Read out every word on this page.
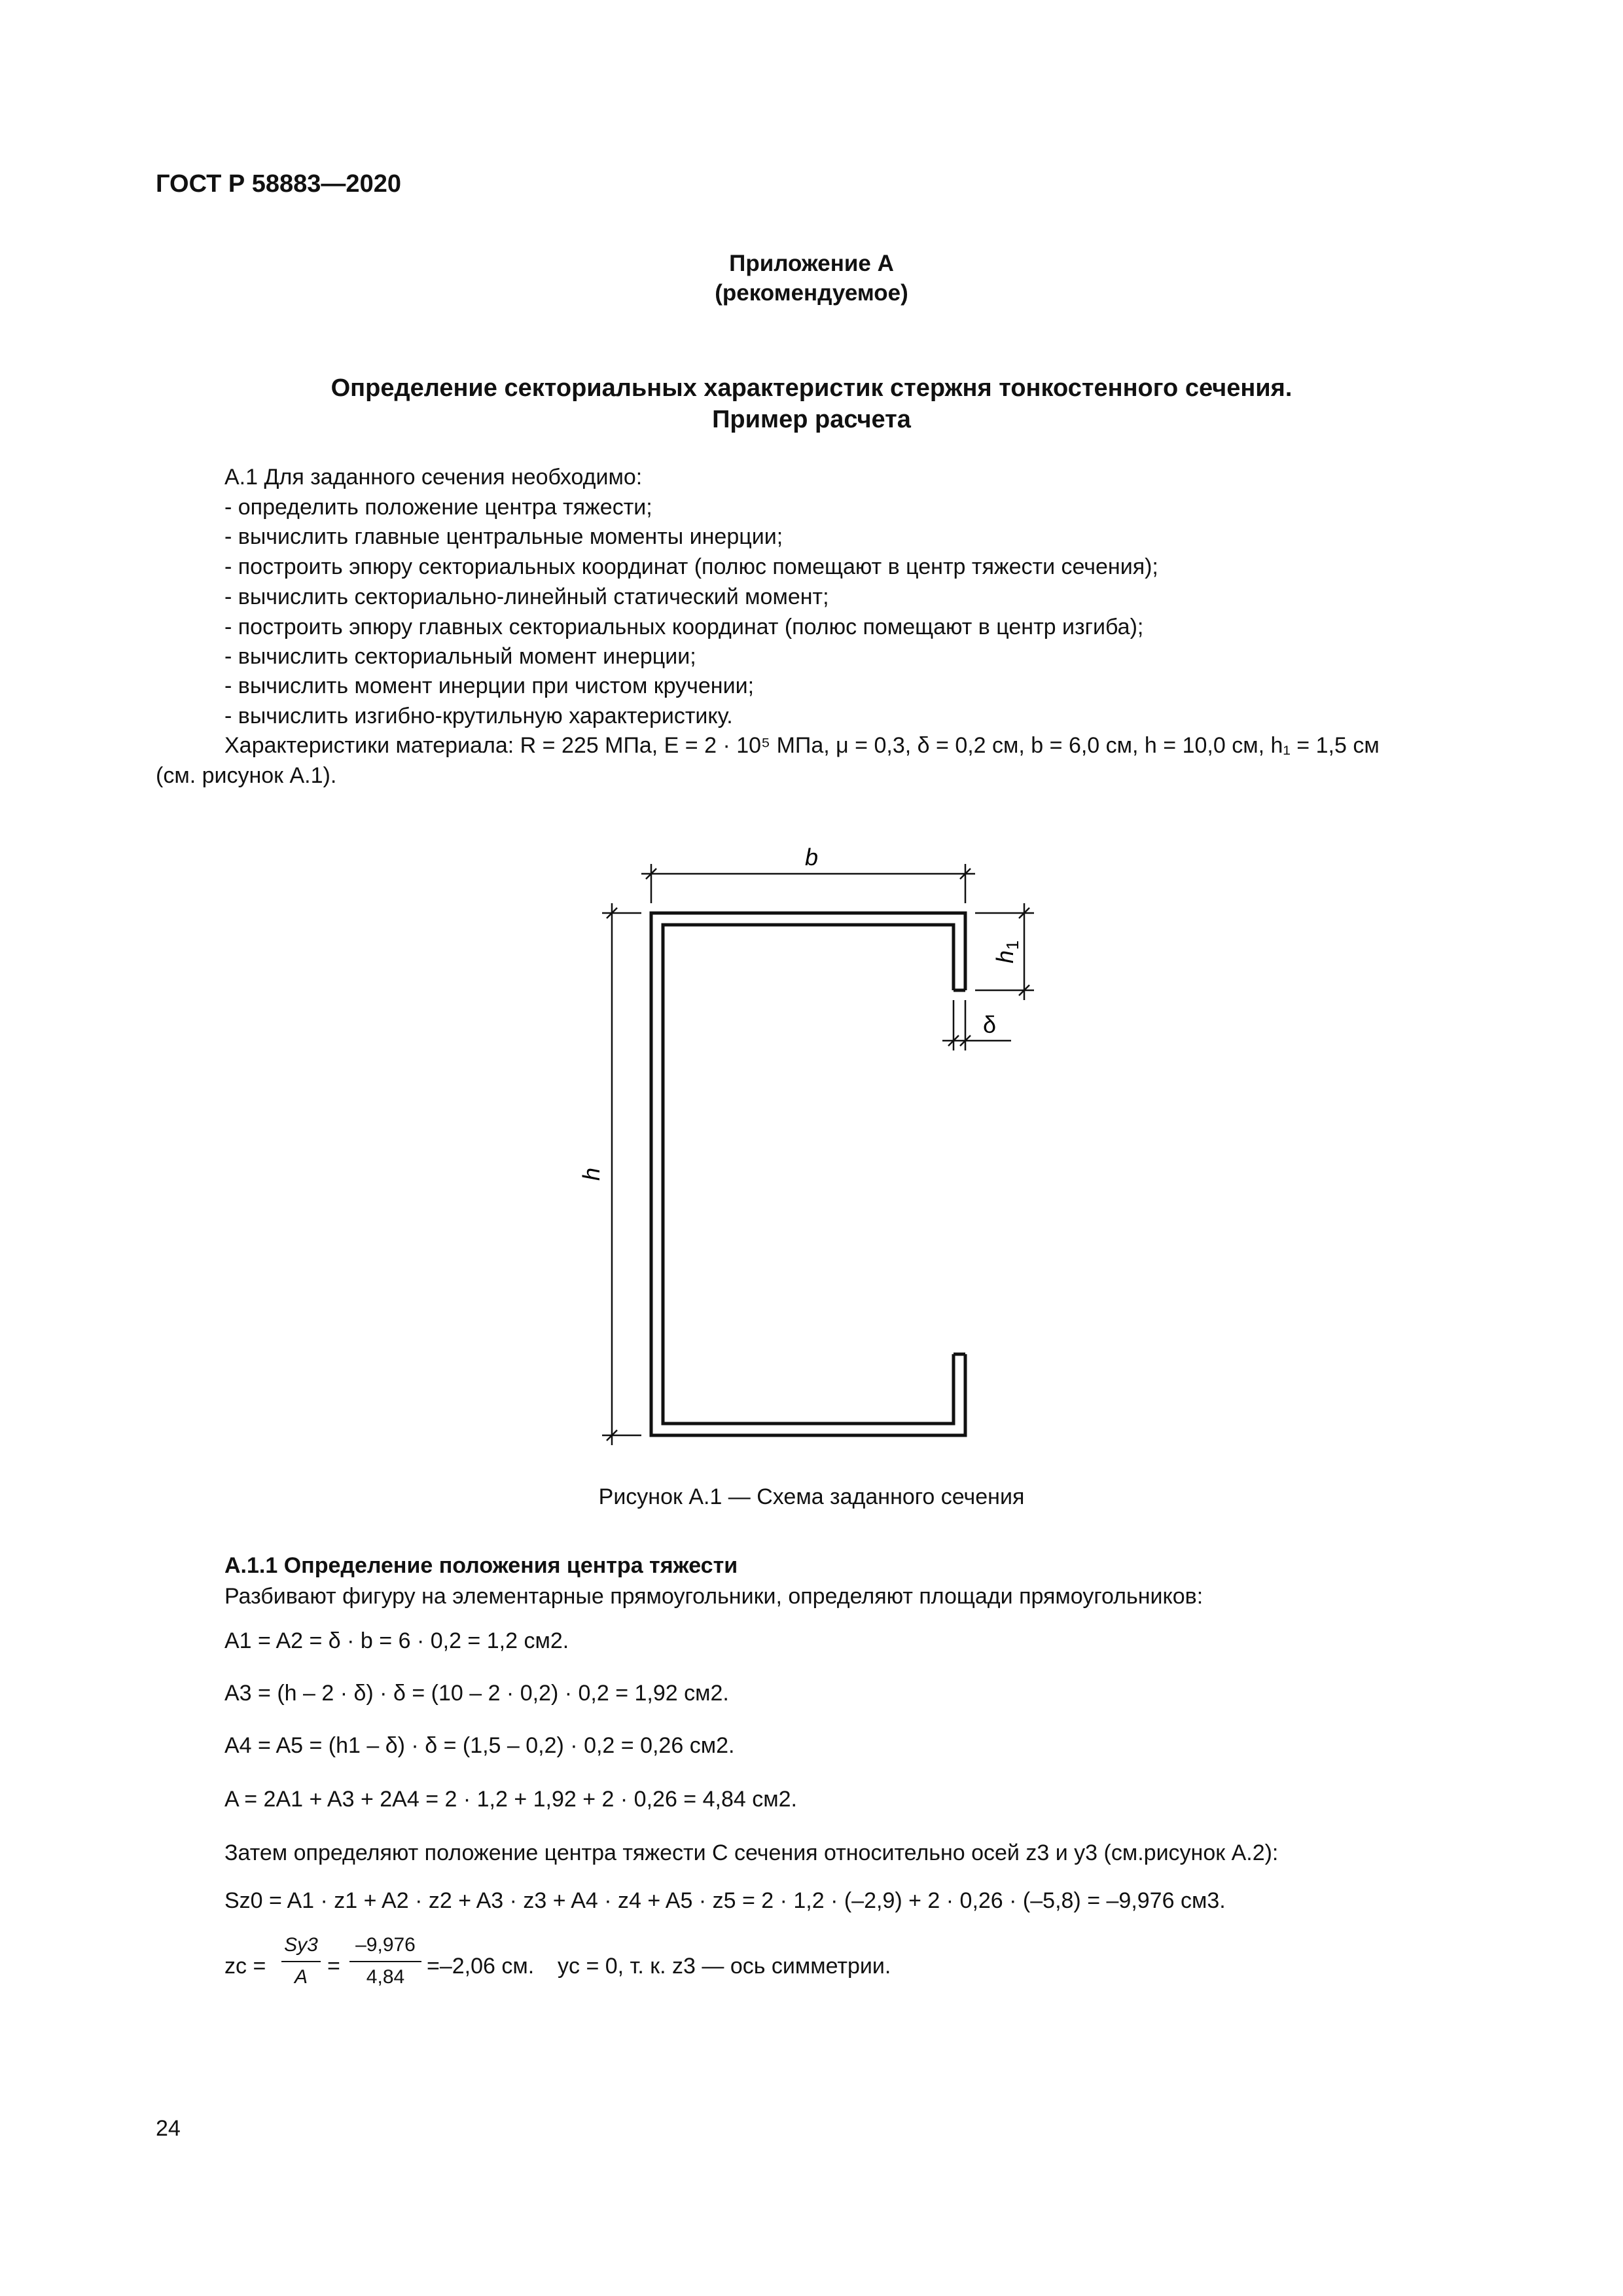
ГОСТ Р 58883—2020
Приложение А
(рекомендуемое)
Определение секториальных характеристик стержня тонкостенного сечения.
Пример расчета
А.1 Для заданного сечения необходимо:
- определить положение центра тяжести;
- вычислить главные центральные моменты инерции;
- построить эпюру секториальных координат (полюс помещают в центр тяжести сечения);
- вычислить секториально-линейный статический момент;
- построить эпюру главных секториальных координат (полюс помещают в центр изгиба);
- вычислить секториальный момент инерции;
- вычислить момент инерции при чистом кручении;
- вычислить изгибно-крутильную характеристику.
Характеристики материала: R = 225 МПа, E = 2 · 10⁵ МПа, μ = 0,3, δ = 0,2 см, b = 6,0 см, h = 10,0 см, h₁ = 1,5 см
(см. рисунок А.1).
b
h
h
1
δ
Рисунок А.1 — Схема заданного сечения
А.1.1 Определение положения центра тяжести
Разбивают фигуру на элементарные прямоугольники, определяют площади прямоугольников:
A1 = A2 = δ · b = 6 · 0,2 = 1,2 см2.
A3 = (h – 2 · δ) · δ = (10 – 2 · 0,2) · 0,2 = 1,92 см2.
A4 = A5 = (h1 – δ) · δ = (1,5 – 0,2) · 0,2 = 0,26 см2.
A = 2A1 + A3 + 2A4 = 2 · 1,2 + 1,92 + 2 · 0,26 = 4,84 см2.
Затем определяют положение центра тяжести C сечения относительно осей z3 и y3 (см.рисунок А.2):
Sz0 = A1 · z1 + A2 · z2 + A3 · z3 + A4 · z4 + A5 · z5 = 2 · 1,2 · (–2,9) + 2 · 0,26 · (–5,8) = –9,976 см3.
zc =
Sy3
A =
–9,976
4,84 =–2,06 см. yc = 0, т. к. z3 — ось симметрии.
24
